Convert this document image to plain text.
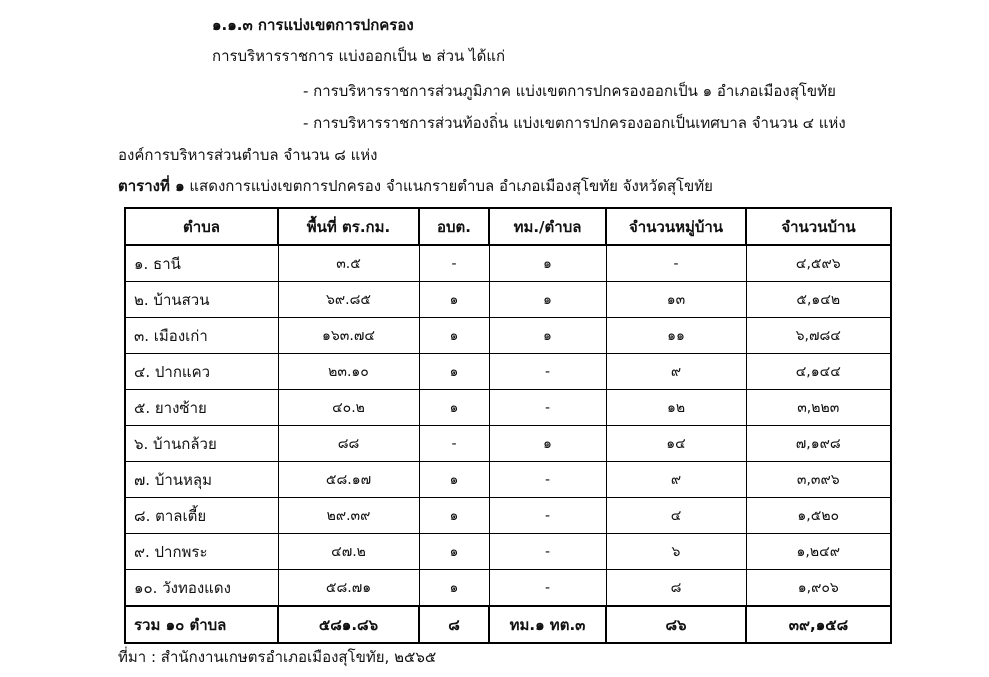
๑.๑.๓ การแบ่งเขตการปกครอง
การบริหารราชการ แบ่งออกเป็น ๒ ส่วน ได้แก่
- การบริหารราชการส่วนภูมิภาค แบ่งเขตการปกครองออกเป็น ๑ อำเภอเมืองสุโขทัย
- การบริหารราชการส่วนท้องถิ่น แบ่งเขตการปกครองออกเป็นเทศบาล จำนวน ๔ แห่ง
องค์การบริหารส่วนตำบล จำนวน ๘ แห่ง
ตารางที่ ๑ แสดงการแบ่งเขตการปกครอง จำแนกรายตำบล อำเภอเมืองสุโขทัย จังหวัดสุโขทัย
ตำบล	พื้นที่ ตร.กม.	อบต.	ทม./ตำบล	จำนวนหมู่บ้าน	จำนวนบ้าน
๑. ธานี	๓.๕	-	๑	-	๔,๕๙๖
๒. บ้านสวน	๖๙.๘๕	๑	๑	๑๓	๕,๑๔๒
๓. เมืองเก่า	๑๖๓.๗๔	๑	๑	๑๑	๖,๗๘๔
๔. ปากแคว	๒๓.๑๐	๑	-	๙	๔,๑๔๔
๕. ยางซ้าย	๔๐.๒	๑	-	๑๒	๓,๒๒๓
๖. บ้านกล้วย	๘๘	-	๑	๑๔	๗,๑๙๘
๗. บ้านหลุม	๕๘.๑๗	๑	-	๙	๓,๓๙๖
๘. ตาลเตี้ย	๒๙.๓๙	๑	-	๔	๑,๕๒๐
๙. ปากพระ	๔๗.๒	๑	-	๖	๑,๒๔๙
๑๐. วังทองแดง	๕๘.๗๑	๑	-	๘	๑,๙๐๖
รวม ๑๐ ตำบล	๕๘๑.๘๖	๘	ทม.๑ ทต.๓	๘๖	๓๙,๑๕๘
ที่มา : สำนักงานเกษตรอำเภอเมืองสุโขทัย, ๒๕๖๕
